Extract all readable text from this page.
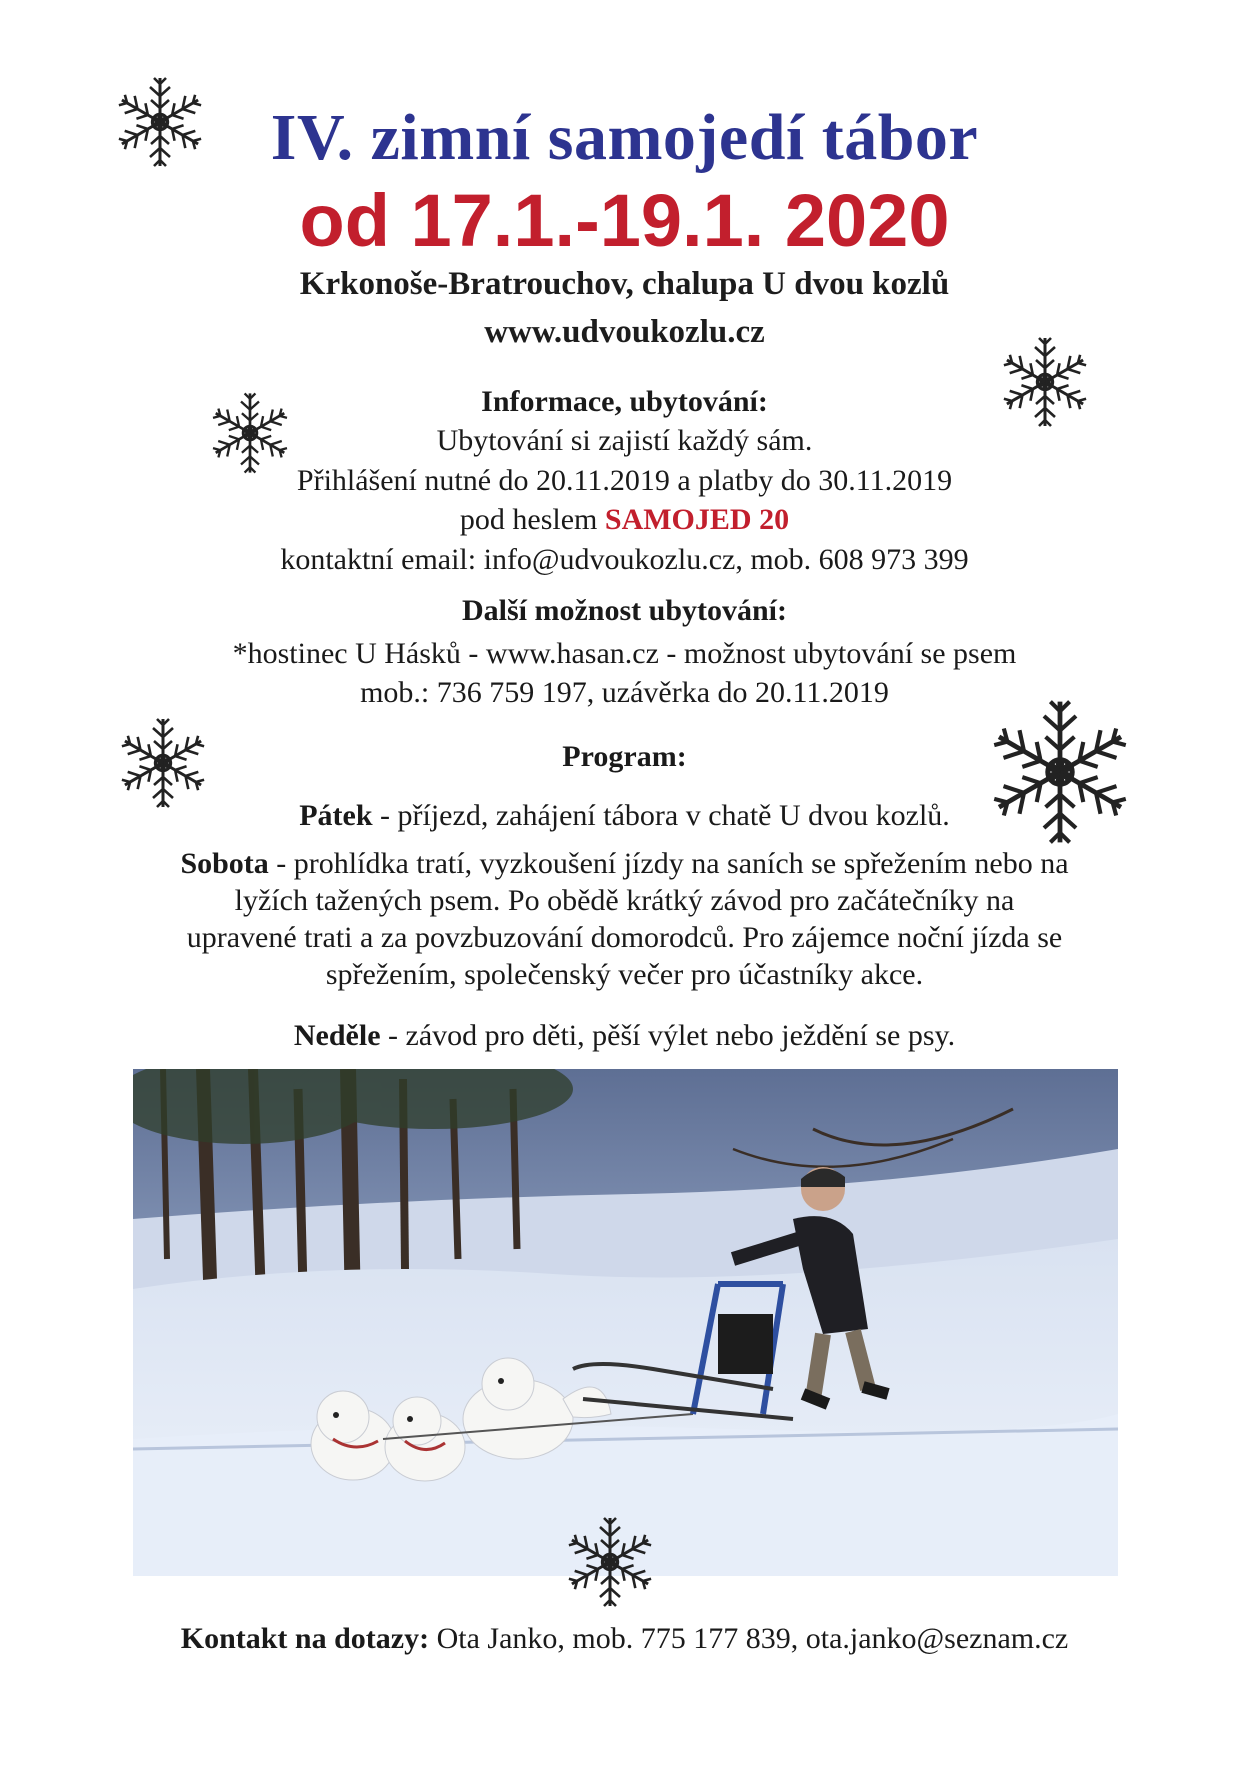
IV. zimní samojedí tábor
od 17.1.-19.1. 2020
Krkonoše-Bratrouchov, chalupa U dvou kozlů
www.udvoukozlu.cz
Informace, ubytování:
Ubytování si zajistí každý sám.
Přihlášení nutné do 20.11.2019 a platby do 30.11.2019
pod heslem SAMOJED 20
kontaktní email: info@udvoukozlu.cz, mob. 608 973 399
Další možnost ubytování:
*hostinec U Hásků - www.hasan.cz - možnost ubytování se psem
mob.: 736 759 197, uzávěrka do 20.11.2019
Program:
Pátek - příjezd, zahájení tábora v chatě U dvou kozlů.
Sobota - prohlídka tratí, vyzkoušení jízdy na saních se spřežením nebo na
lyžích tažených psem. Po obědě krátký závod pro začátečníky na
upravené trati a za povzbuzování domorodců. Pro zájemce noční jízda se
spřežením, společenský večer pro účastníky akce.
Neděle - závod pro děti, pěší výlet nebo ježdění se psy.
Kontakt na dotazy: Ota Janko, mob. 775 177 839, ota.janko@seznam.cz
